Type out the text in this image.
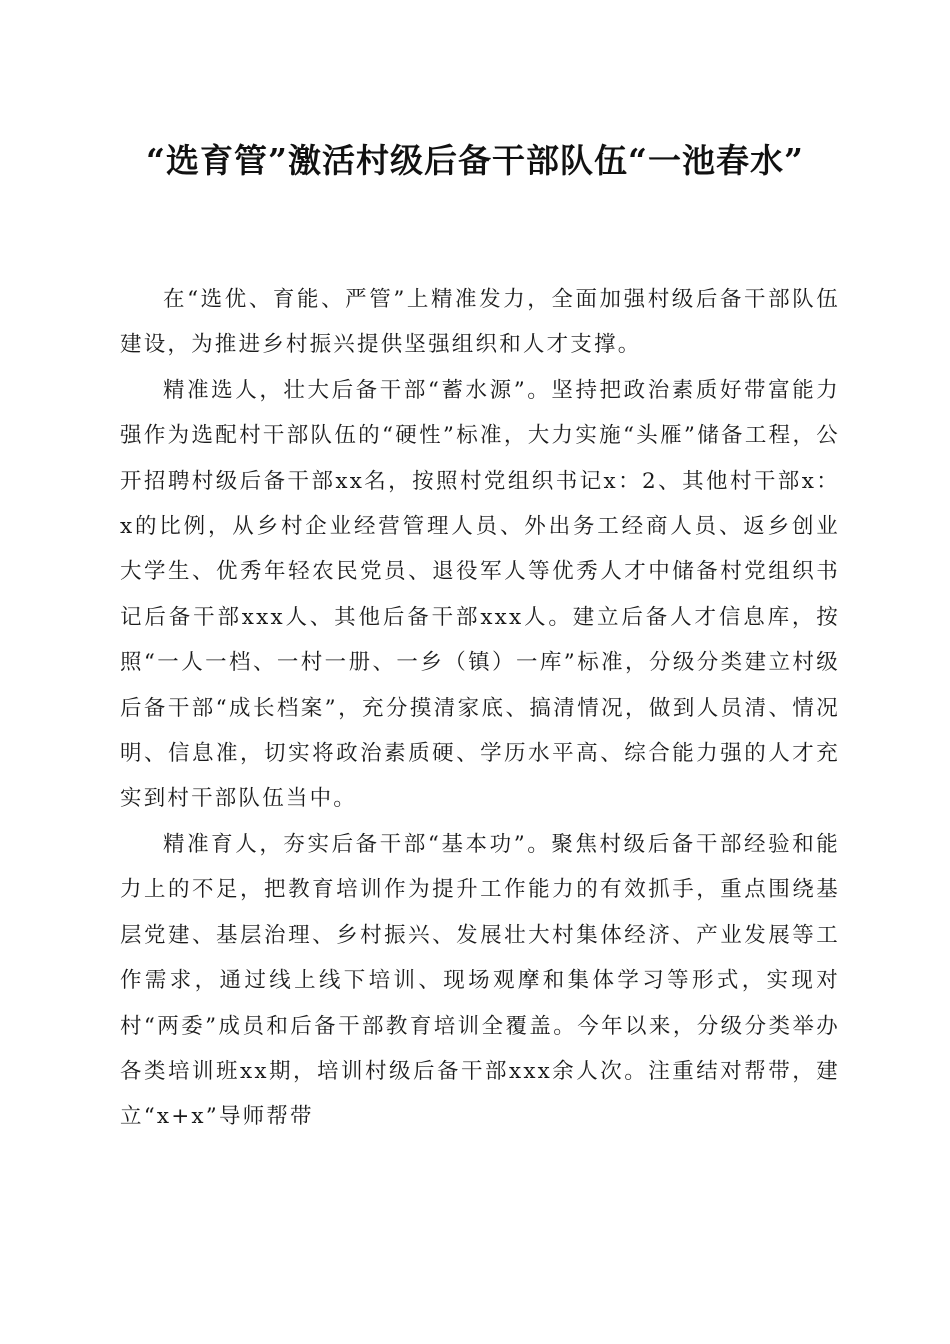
“选育管”激活村级后备干部队伍“一池春水”

在“选优、育能、严管”上精准发力，全面加强村级后备干部队伍建设，为推进乡村振兴提供坚强组织和人才支撑。

精准选人，壮大后备干部“蓄水源”。坚持把政治素质好带富能力强作为选配村干部队伍的“硬性”标准，大力实施“头雁”储备工程，公开招聘村级后备干部xx名，按照村党组织书记x：2、其他村干部x：x的比例，从乡村企业经营管理人员、外出务工经商人员、返乡创业大学生、优秀年轻农民党员、退役军人等优秀人才中储备村党组织书记后备干部xxx人、其他后备干部xxx人。建立后备人才信息库，按照“一人一档、一村一册、一乡（镇）一库”标准，分级分类建立村级后备干部“成长档案”，充分摸清家底、搞清情况，做到人员清、情况明、信息准，切实将政治素质硬、学历水平高、综合能力强的人才充实到村干部队伍当中。

精准育人，夯实后备干部“基本功”。聚焦村级后备干部经验和能力上的不足，把教育培训作为提升工作能力的有效抓手，重点围绕基层党建、基层治理、乡村振兴、发展壮大村集体经济、产业发展等工作需求，通过线上线下培训、现场观摩和集体学习等形式，实现对村“两委”成员和后备干部教育培训全覆盖。今年以来，分级分类举办各类培训班xx期，培训村级后备干部xxx余人次。注重结对帮带，建立“x+x”导师帮带
